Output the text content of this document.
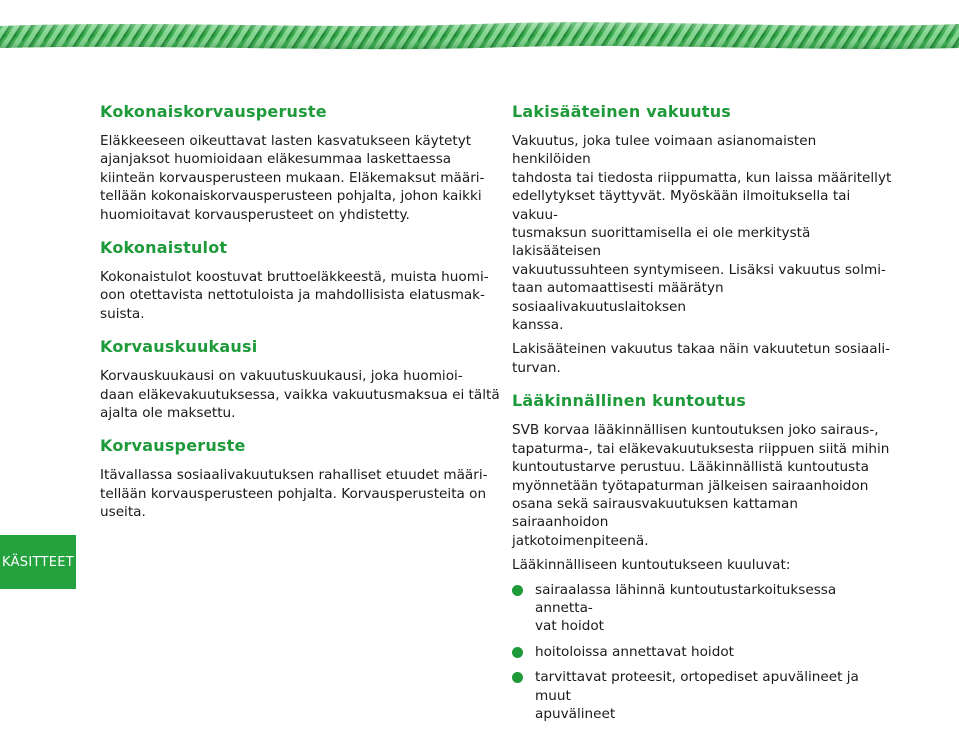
Kokonaiskorvausperuste

Eläkkeeseen oikeuttavat lasten kasvatukseen käytetyt
ajanjaksot huomioidaan eläkesummaa laskettaessa
kiinteän korvausperusteen mukaan. Eläkemaksut määri-
tellään kokonaiskorvausperusteen pohjalta, johon kaikki
huomioitavat korvausperusteet on yhdistetty.

Kokonaistulot

Kokonaistulot koostuvat bruttoeläkkeestä, muista huomi-
oon otettavista nettotuloista ja mahdollisista elatusmak-
suista.

Korvauskuukausi

Korvauskuukausi on vakuutuskuukausi, joka huomioi-
daan eläkevakuutuksessa, vaikka vakuutusmaksua ei tältä
ajalta ole maksettu.

Korvausperuste

Itävallassa sosiaalivakuutuksen rahalliset etuudet määri-
tellään korvausperusteen pohjalta. Korvausperusteita on
useita.

Lakisääteinen vakuutus

Vakuutus, joka tulee voimaan asianomaisten henkilöiden
tahdosta tai tiedosta riippumatta, kun laissa määritellyt
edellytykset täyttyvät. Myöskään ilmoituksella tai vakuu-
tusmaksun suorittamisella ei ole merkitystä lakisääteisen
vakuutussuhteen syntymiseen. Lisäksi vakuutus solmi-
taan automaattisesti määrätyn sosiaalivakuutuslaitoksen
kanssa.

Lakisääteinen vakuutus takaa näin vakuutetun sosiaali-
turvan.

Lääkinnällinen kuntoutus

SVB korvaa lääkinnällisen kuntoutuksen joko sairaus-,
tapaturma-, tai eläkevakuutuksesta riippuen siitä mihin
kuntoutustarve perustuu. Lääkinnällistä kuntoutusta
myönnetään työtapaturman jälkeisen sairaanhoidon
osana sekä sairausvakuutuksen kattaman sairaanhoidon
jatkotoimenpiteenä.

Lääkinnälliseen kuntoutukseen kuuluvat:

sairaalassa lähinnä kuntoutustarkoituksessa annetta-
vat hoidot
hoitoloissa annettavat hoidot
tarvittavat proteesit, ortopediset apuvälineet ja muut
apuvälineet
KÄSITTEET
